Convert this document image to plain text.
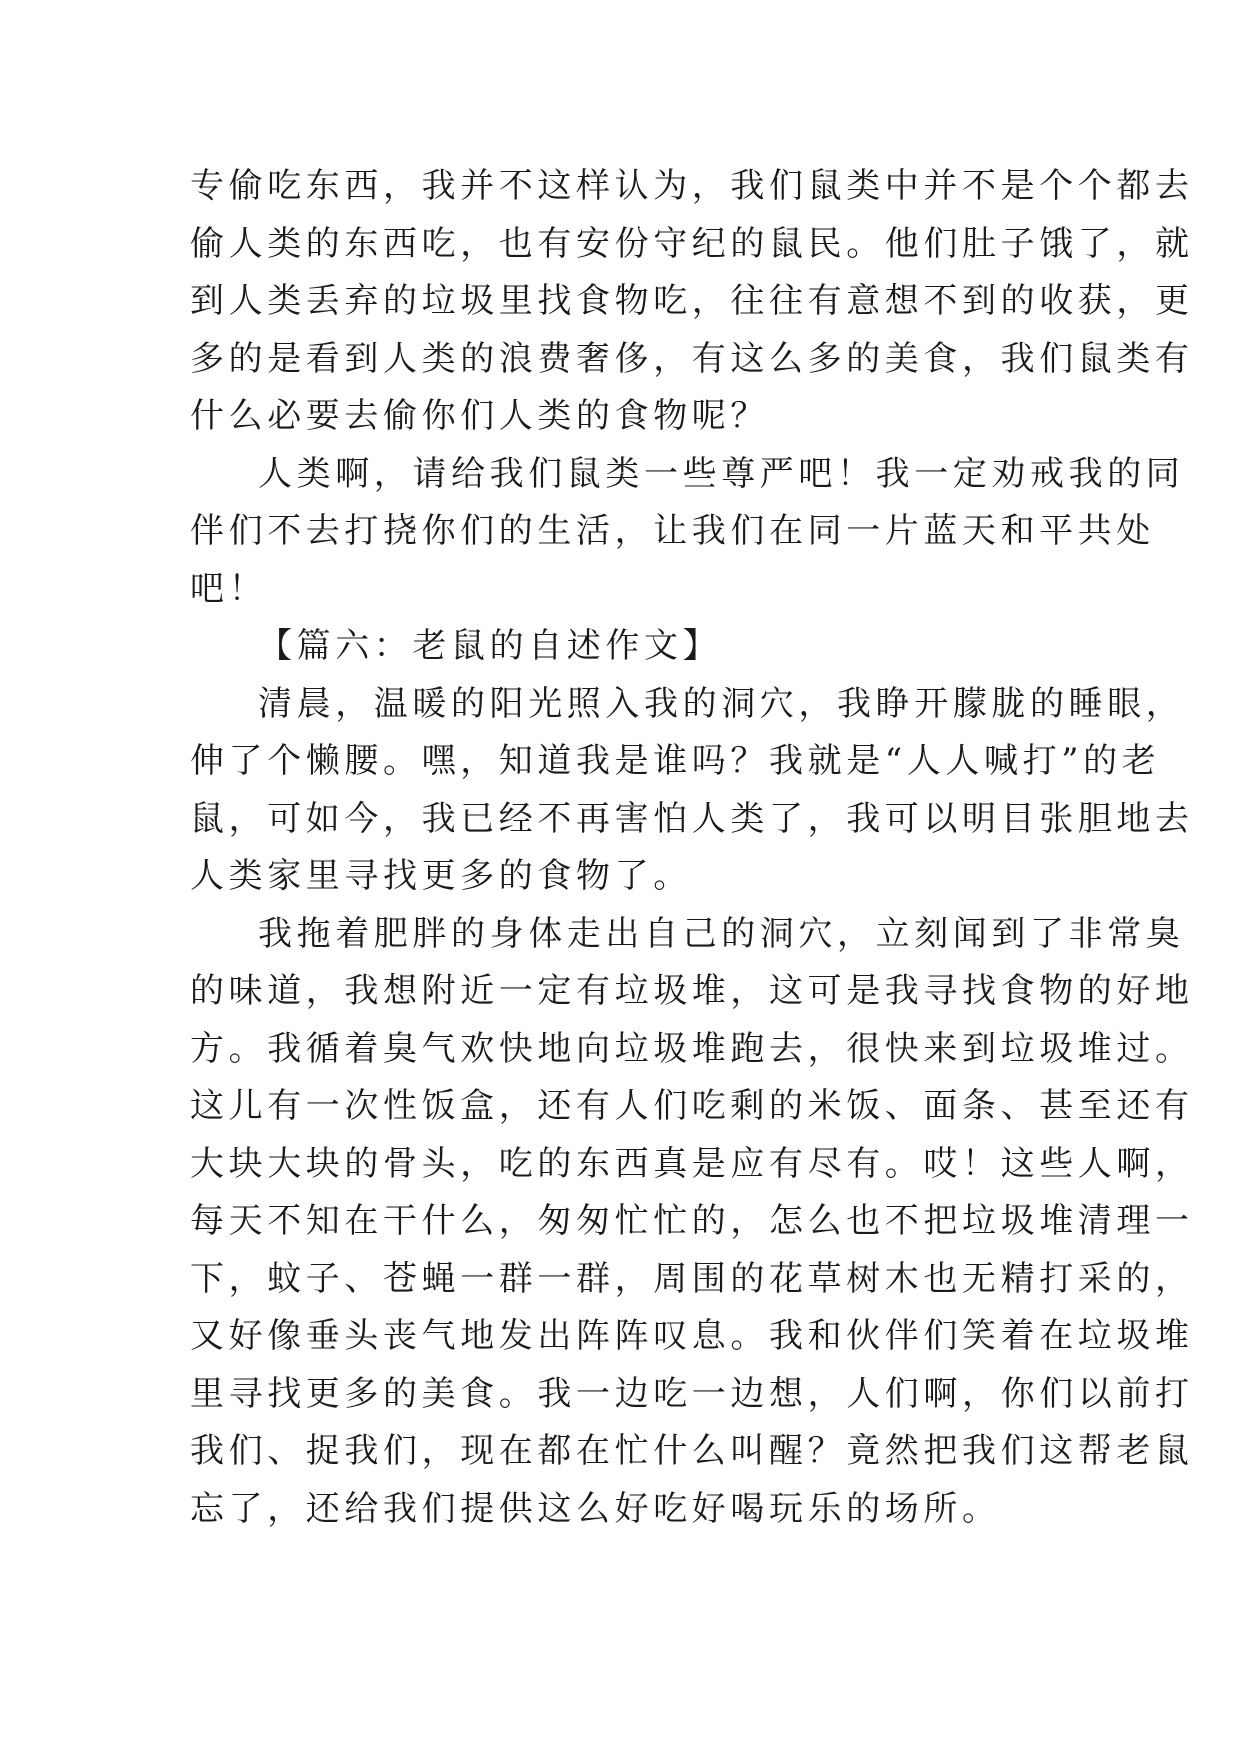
专偷吃东西，我并不这样认为，我们鼠类中并不是个个都去
偷人类的东西吃，也有安份守纪的鼠民。他们肚子饿了，就
到人类丢弃的垃圾里找食物吃，往往有意想不到的收获，更
多的是看到人类的浪费奢侈，有这么多的美食，我们鼠类有
什么必要去偷你们人类的食物呢？
人类啊，请给我们鼠类一些尊严吧！我一定劝戒我的同
伴们不去打挠你们的生活，让我们在同一片蓝天和平共处
吧！
【篇六：老鼠的自述作文】
清晨，温暖的阳光照入我的洞穴，我睁开朦胧的睡眼，
伸了个懒腰。嘿，知道我是谁吗？我就是“人人喊打”的老
鼠，可如今，我已经不再害怕人类了，我可以明目张胆地去
人类家里寻找更多的食物了。
我拖着肥胖的身体走出自己的洞穴，立刻闻到了非常臭
的味道，我想附近一定有垃圾堆，这可是我寻找食物的好地
方。我循着臭气欢快地向垃圾堆跑去，很快来到垃圾堆过。
这儿有一次性饭盒，还有人们吃剩的米饭、面条、甚至还有
大块大块的骨头，吃的东西真是应有尽有。哎！这些人啊，
每天不知在干什么，匆匆忙忙的，怎么也不把垃圾堆清理一
下，蚊子、苍蝇一群一群，周围的花草树木也无精打采的，
又好像垂头丧气地发出阵阵叹息。我和伙伴们笑着在垃圾堆
里寻找更多的美食。我一边吃一边想，人们啊，你们以前打
我们、捉我们，现在都在忙什么叫醒？竟然把我们这帮老鼠
忘了，还给我们提供这么好吃好喝玩乐的场所。
